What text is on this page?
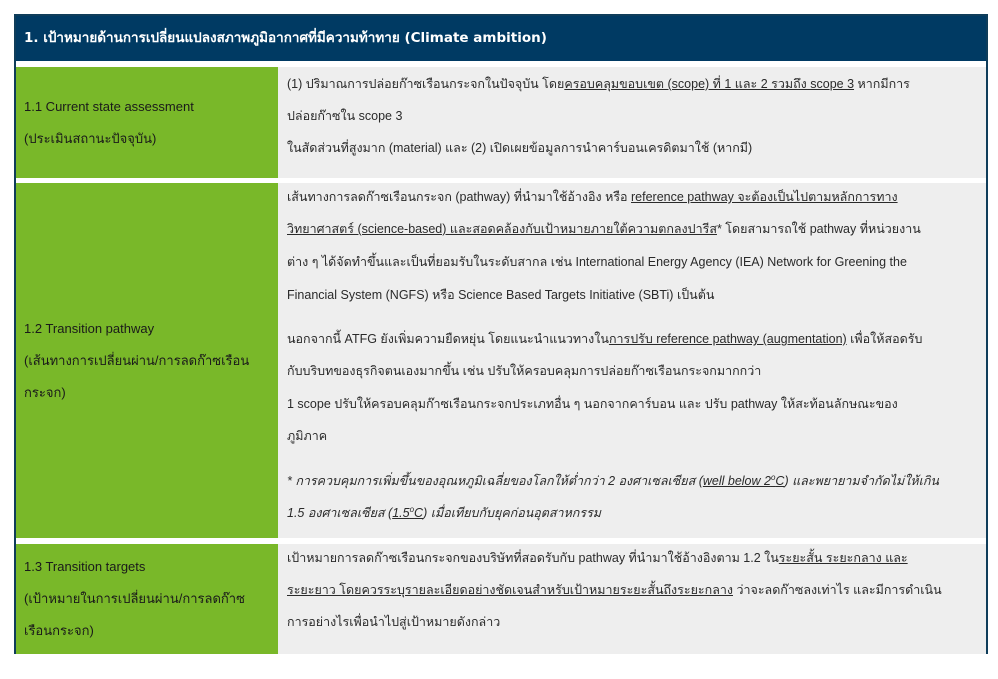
1. เป้าหมายด้านการเปลี่ยนแปลงสภาพภูมิอากาศที่มีความท้าทาย (Climate ambition)
1.1 Current state assessment
(ประเมินสถานะปัจจุบัน)
(1) ปริมาณการปล่อยก๊าซเรือนกระจกในปัจจุบัน โดยครอบคลุมขอบเขต (scope) ที่ 1 และ 2 รวมถึง scope 3 หากมีการ
ปล่อยก๊าซใน scope 3
ในสัดส่วนที่สูงมาก (material) และ (2) เปิดเผยข้อมูลการนำคาร์บอนเครดิตมาใช้ (หากมี)
1.2 Transition pathway
(เส้นทางการเปลี่ยนผ่าน/การลดก๊าซเรือน
กระจก)
เส้นทางการลดก๊าซเรือนกระจก (pathway) ที่นำมาใช้อ้างอิง หรือ reference pathway จะต้องเป็นไปตามหลักการทาง
วิทยาศาสตร์ (science-based) และสอดคล้องกับเป้าหมายภายใต้ความตกลงปารีส* โดยสามารถใช้ pathway ที่หน่วยงาน
ต่าง ๆ ได้จัดทำขึ้นและเป็นที่ยอมรับในระดับสากล เช่น International Energy Agency (IEA) Network for Greening the
Financial System (NGFS) หรือ Science Based Targets Initiative (SBTi) เป็นต้น
นอกจากนี้ ATFG ยังเพิ่มความยืดหยุ่น โดยแนะนำแนวทางในการปรับ reference pathway (augmentation) เพื่อให้สอดรับ
กับบริบทของธุรกิจตนเองมากขึ้น เช่น ปรับให้ครอบคลุมการปล่อยก๊าซเรือนกระจกมากกว่า
1 scope ปรับให้ครอบคลุมก๊าซเรือนกระจกประเภทอื่น ๆ นอกจากคาร์บอน และ ปรับ pathway ให้สะท้อนลักษณะของ
ภูมิภาค
* การควบคุมการเพิ่มขึ้นของอุณหภูมิเฉลี่ยของโลกให้ต่ำกว่า 2 องศาเซลเซียส (well below 2$^o$C) และพยายามจำกัดไม่ให้เกิน
1.5 องศาเซลเซียส (1.5$^o$C) เมื่อเทียบกับยุคก่อนอุตสาหกรรม
1.3 Transition targets
(เป้าหมายในการเปลี่ยนผ่าน/การลดก๊าซ
เรือนกระจก)
เป้าหมายการลดก๊าซเรือนกระจกของบริษัทที่สอดรับกับ pathway ที่นำมาใช้อ้างอิงตาม 1.2 ในระยะสั้น ระยะกลาง และ
ระยะยาว โดยควรระบุรายละเอียดอย่างชัดเจนสำหรับเป้าหมายระยะสั้นถึงระยะกลาง ว่าจะลดก๊าซลงเท่าไร และมีการดำเนิน
การอย่างไรเพื่อนำไปสู่เป้าหมายดังกล่าว
